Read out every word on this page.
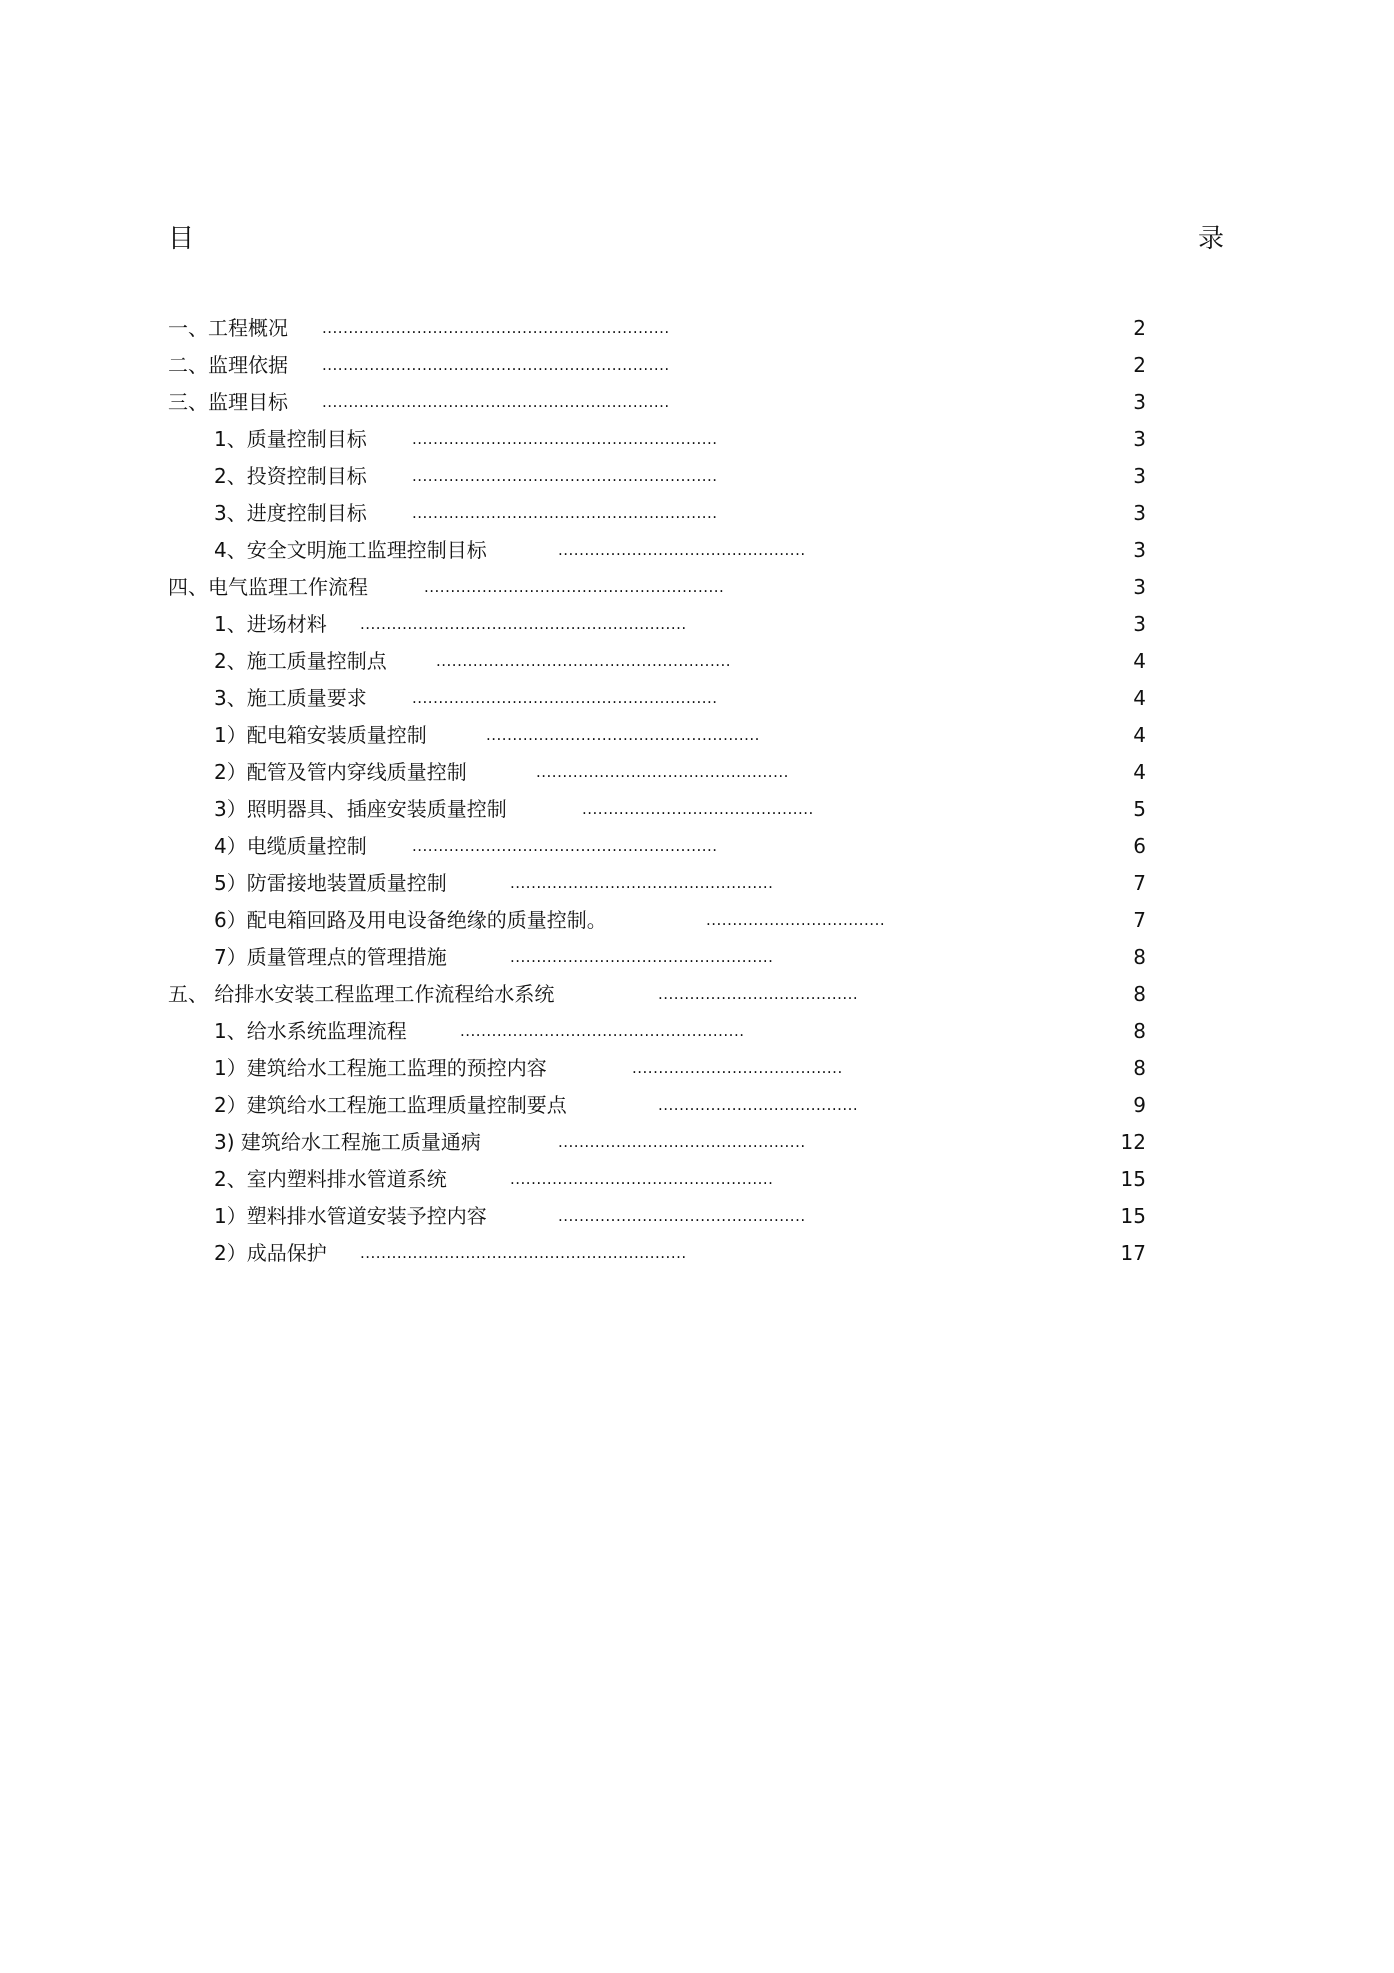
目	录
一、工程概况 ..................................................................	2
二、监理依据 ..................................................................	2
三、监理目标 ..................................................................	3
1、质量控制目标	..........................................................	3
2、投资控制目标	..........................................................	3
3、进度控制目标	..........................................................	3
4、安全文明施工监理控制目标	...............................................	3
四、电气监理工作流程	.........................................................	3
1、进场材料 ..............................................................	3
2、施工质量控制点	........................................................	4
3、施工质量要求	..........................................................	4
1）配电箱安装质量控制	....................................................	4
2）配管及管内穿线质量控制	................................................	4
3）照明器具、插座安装质量控制	............................................	5
4）电缆质量控制	..........................................................	6
5）防雷接地装置质量控制	..................................................	7
6）配电箱回路及用电设备绝缘的质量控制。	..................................	7
7）质量管理点的管理措施	..................................................	8
五、 给排水安装工程监理工作流程给水系统	......................................	8
1、给水系统监理流程	......................................................	8
1）建筑给水工程施工监理的预控内容	........................................	8
2）建筑给水工程施工监理质量控制要点	......................................	9
3) 建筑给水工程施工质量通病	...............................................	12
2、室内塑料排水管道系统	..................................................	15
1）塑料排水管道安装予控内容	...............................................	15
2）成品保护 ..............................................................	17
